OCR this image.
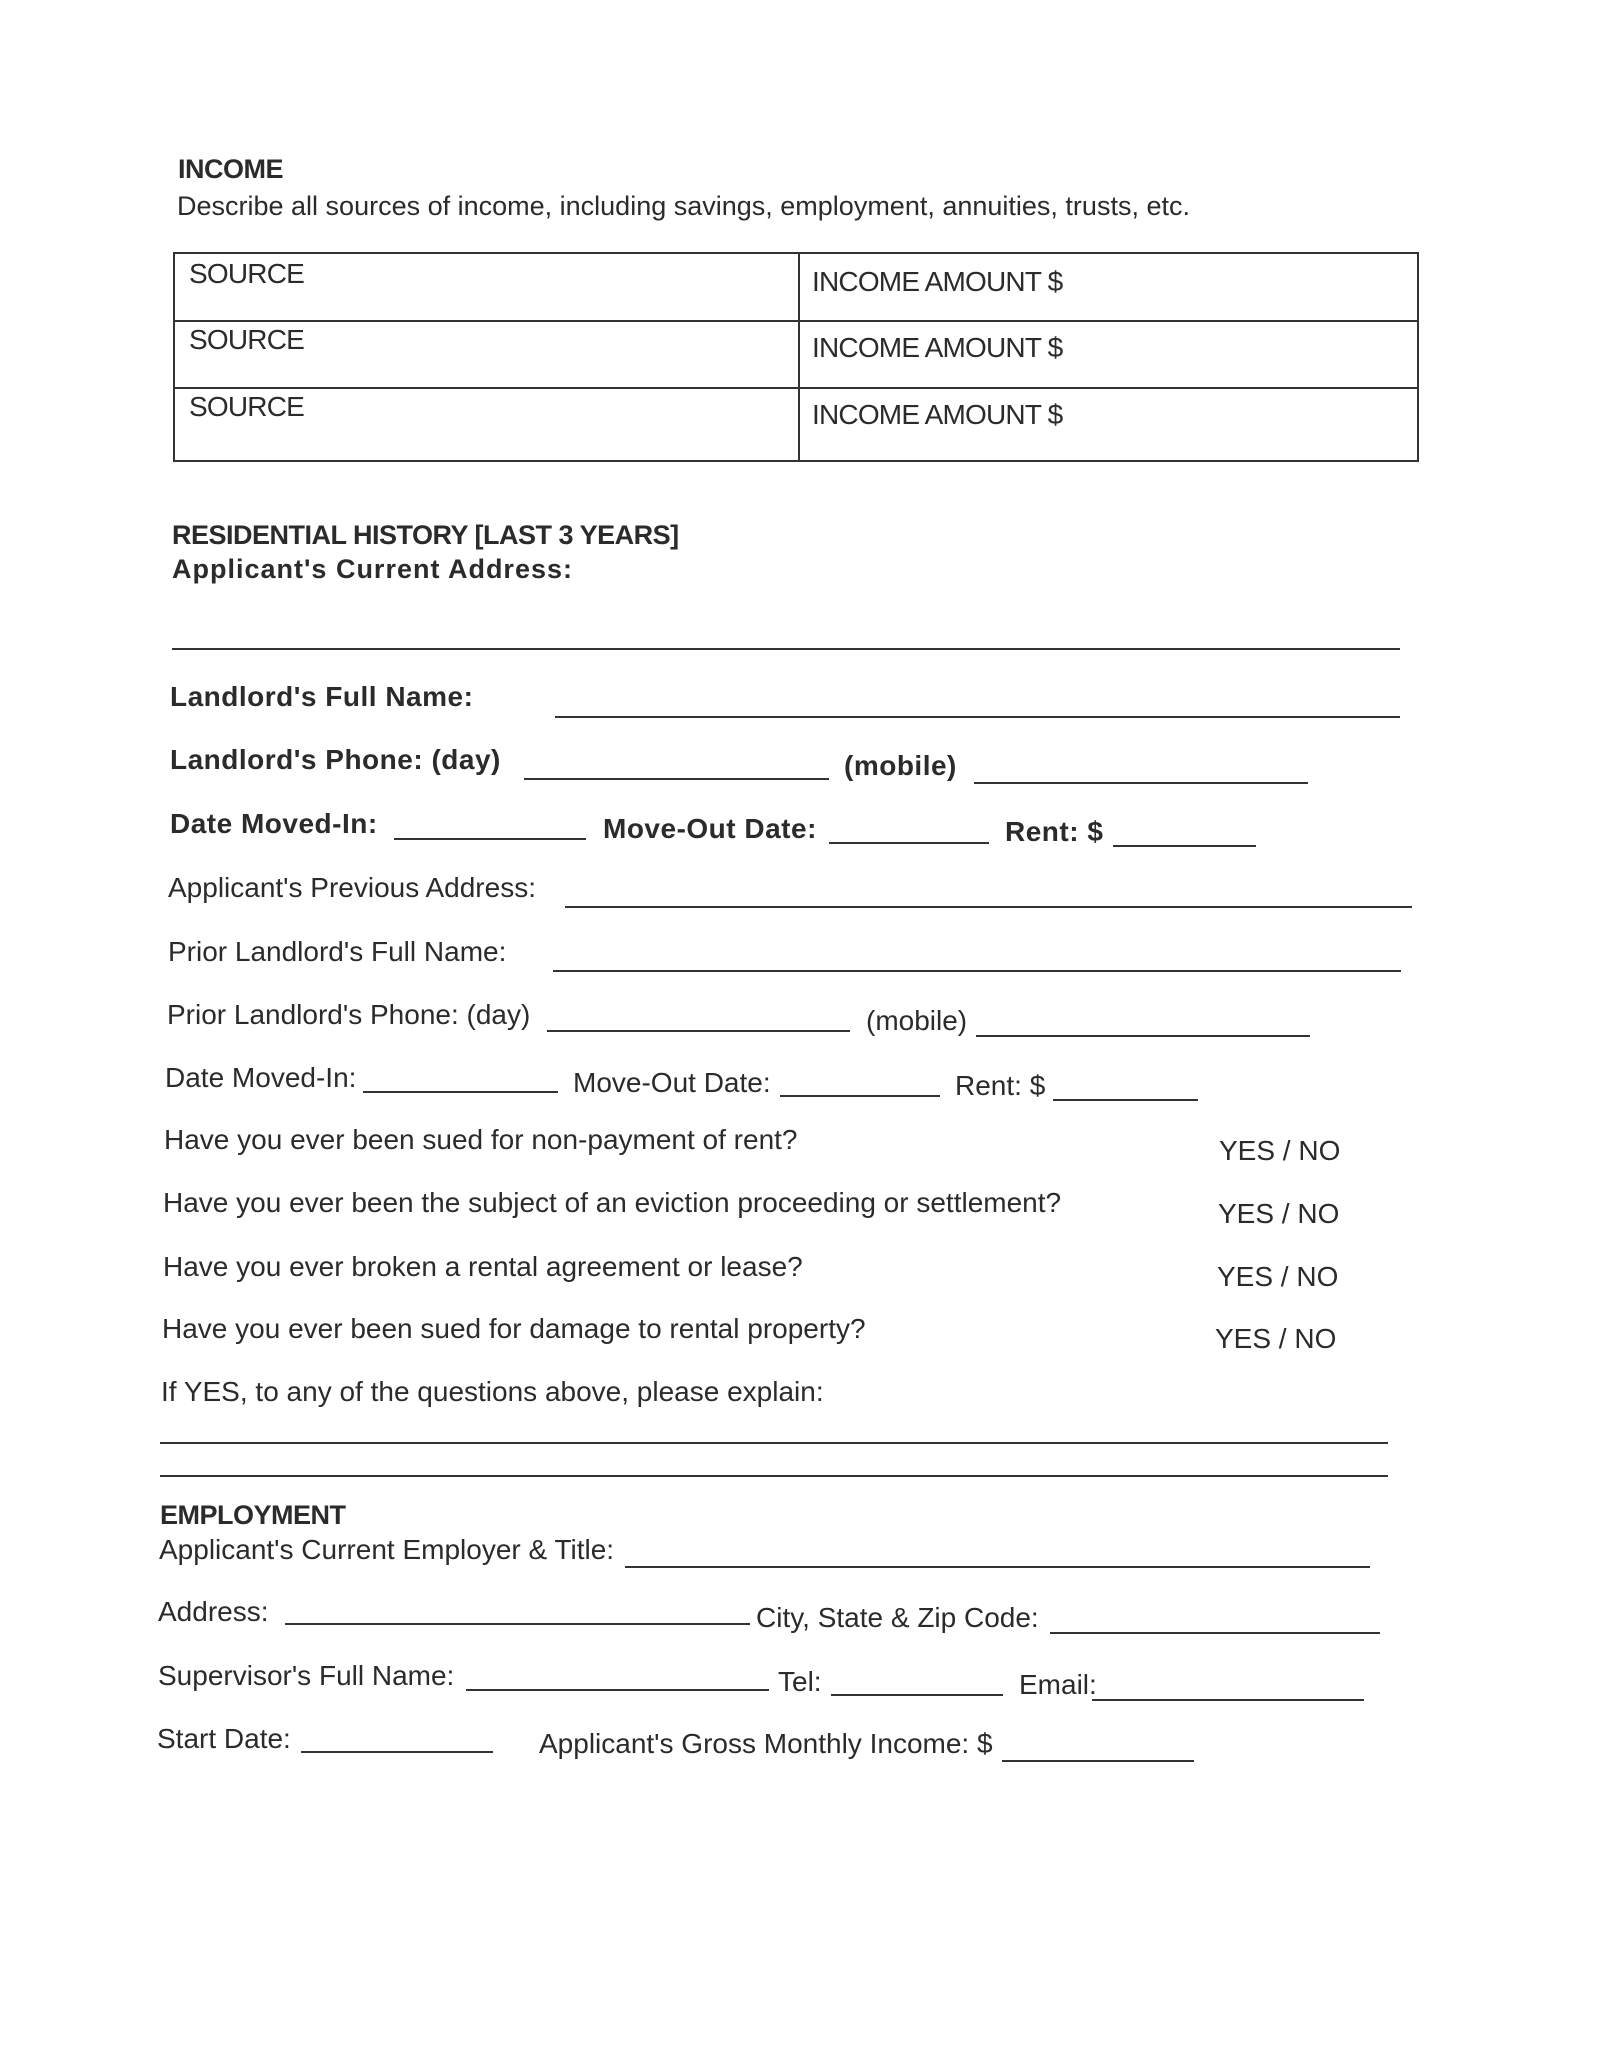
INCOME
Describe all sources of income, including savings, employment, annuities, trusts, etc.
SOURCE	INCOME AMOUNT $
SOURCE	INCOME AMOUNT $
SOURCE	INCOME AMOUNT $
RESIDENTIAL HISTORY [LAST 3 YEARS]
Applicant's Current Address:
Landlord's Full Name:
Landlord's Phone: (day)	(mobile)
Date Moved-In:	Move-Out Date:	Rent: $
Applicant's Previous Address:
Prior Landlord's Full Name:
Prior Landlord's Phone: (day)	(mobile)
Date Moved-In:	Move-Out Date:	Rent: $
Have you ever been sued for non-payment of rent?	YES / NO
Have you ever been the subject of an eviction proceeding or settlement?	YES / NO
Have you ever broken a rental agreement or lease?	YES / NO
Have you ever been sued for damage to rental property?	YES / NO
If YES, to any of the questions above, please explain:
EMPLOYMENT
Applicant's Current Employer & Title:
Address:	City, State & Zip Code:
Supervisor's Full Name:	Tel:	Email:
Start Date:	Applicant's Gross Monthly Income: $
